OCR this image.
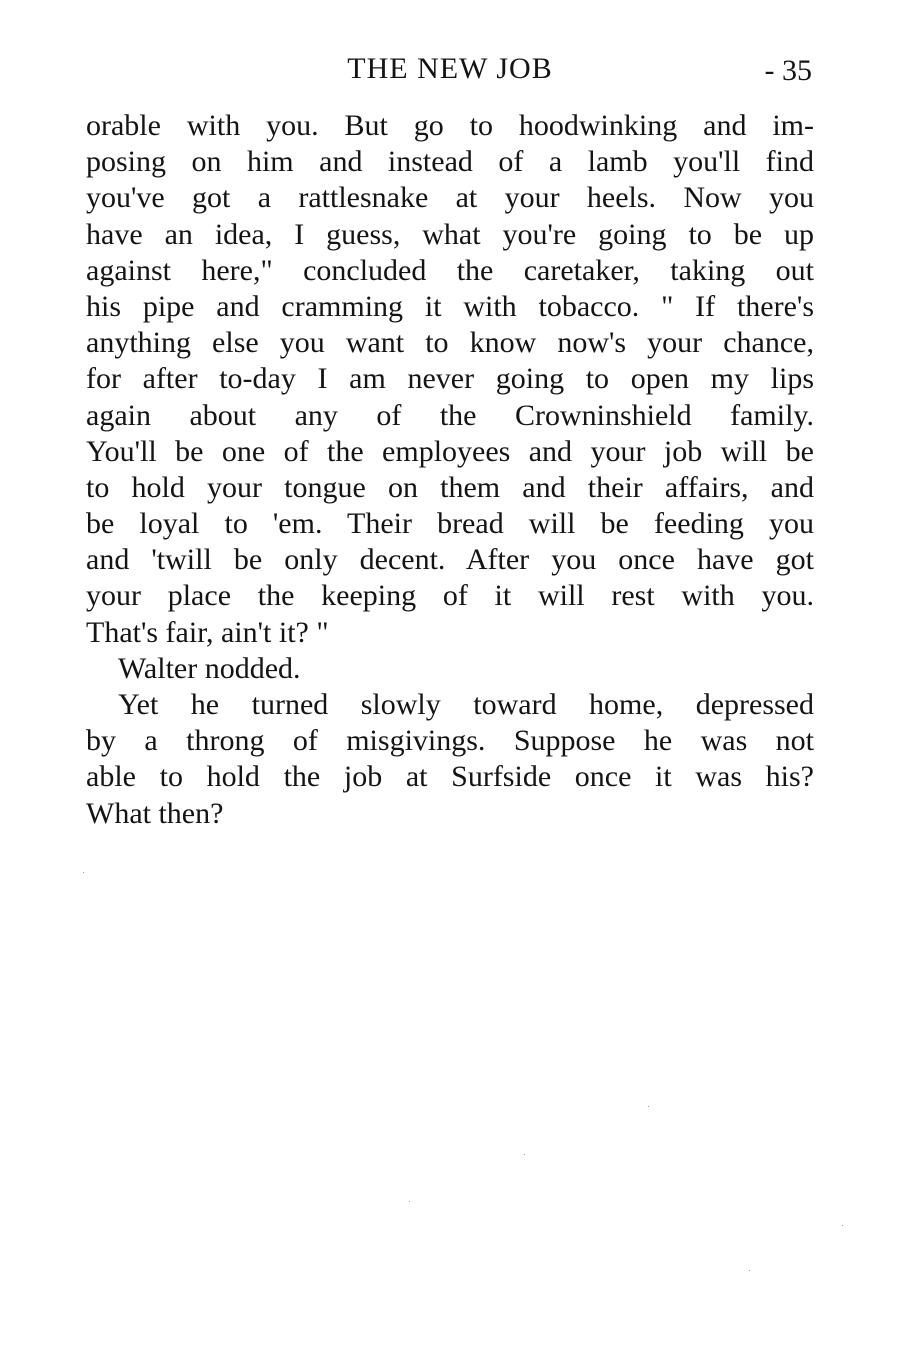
THE NEW JOB	- 35
orable with you. But go to hoodwinking and im-
posing on him and instead of a lamb you'll find
you've got a rattlesnake at your heels. Now you
have an idea, I guess, what you're going to be up
against here," concluded the caretaker, taking out
his pipe and cramming it with tobacco. " If there's
anything else you want to know now's your chance,
for after to-day I am never going to open my lips
again about any of the Crowninshield family.
You'll be one of the employees and your job will be
to hold your tongue on them and their affairs, and
be loyal to 'em. Their bread will be feeding you
and 'twill be only decent. After you once have got
your place the keeping of it will rest with you.
That's fair, ain't it? "
Walter nodded.
Yet he turned slowly toward home, depressed
by a throng of misgivings. Suppose he was not
able to hold the job at Surfside once it was his?
What then?
